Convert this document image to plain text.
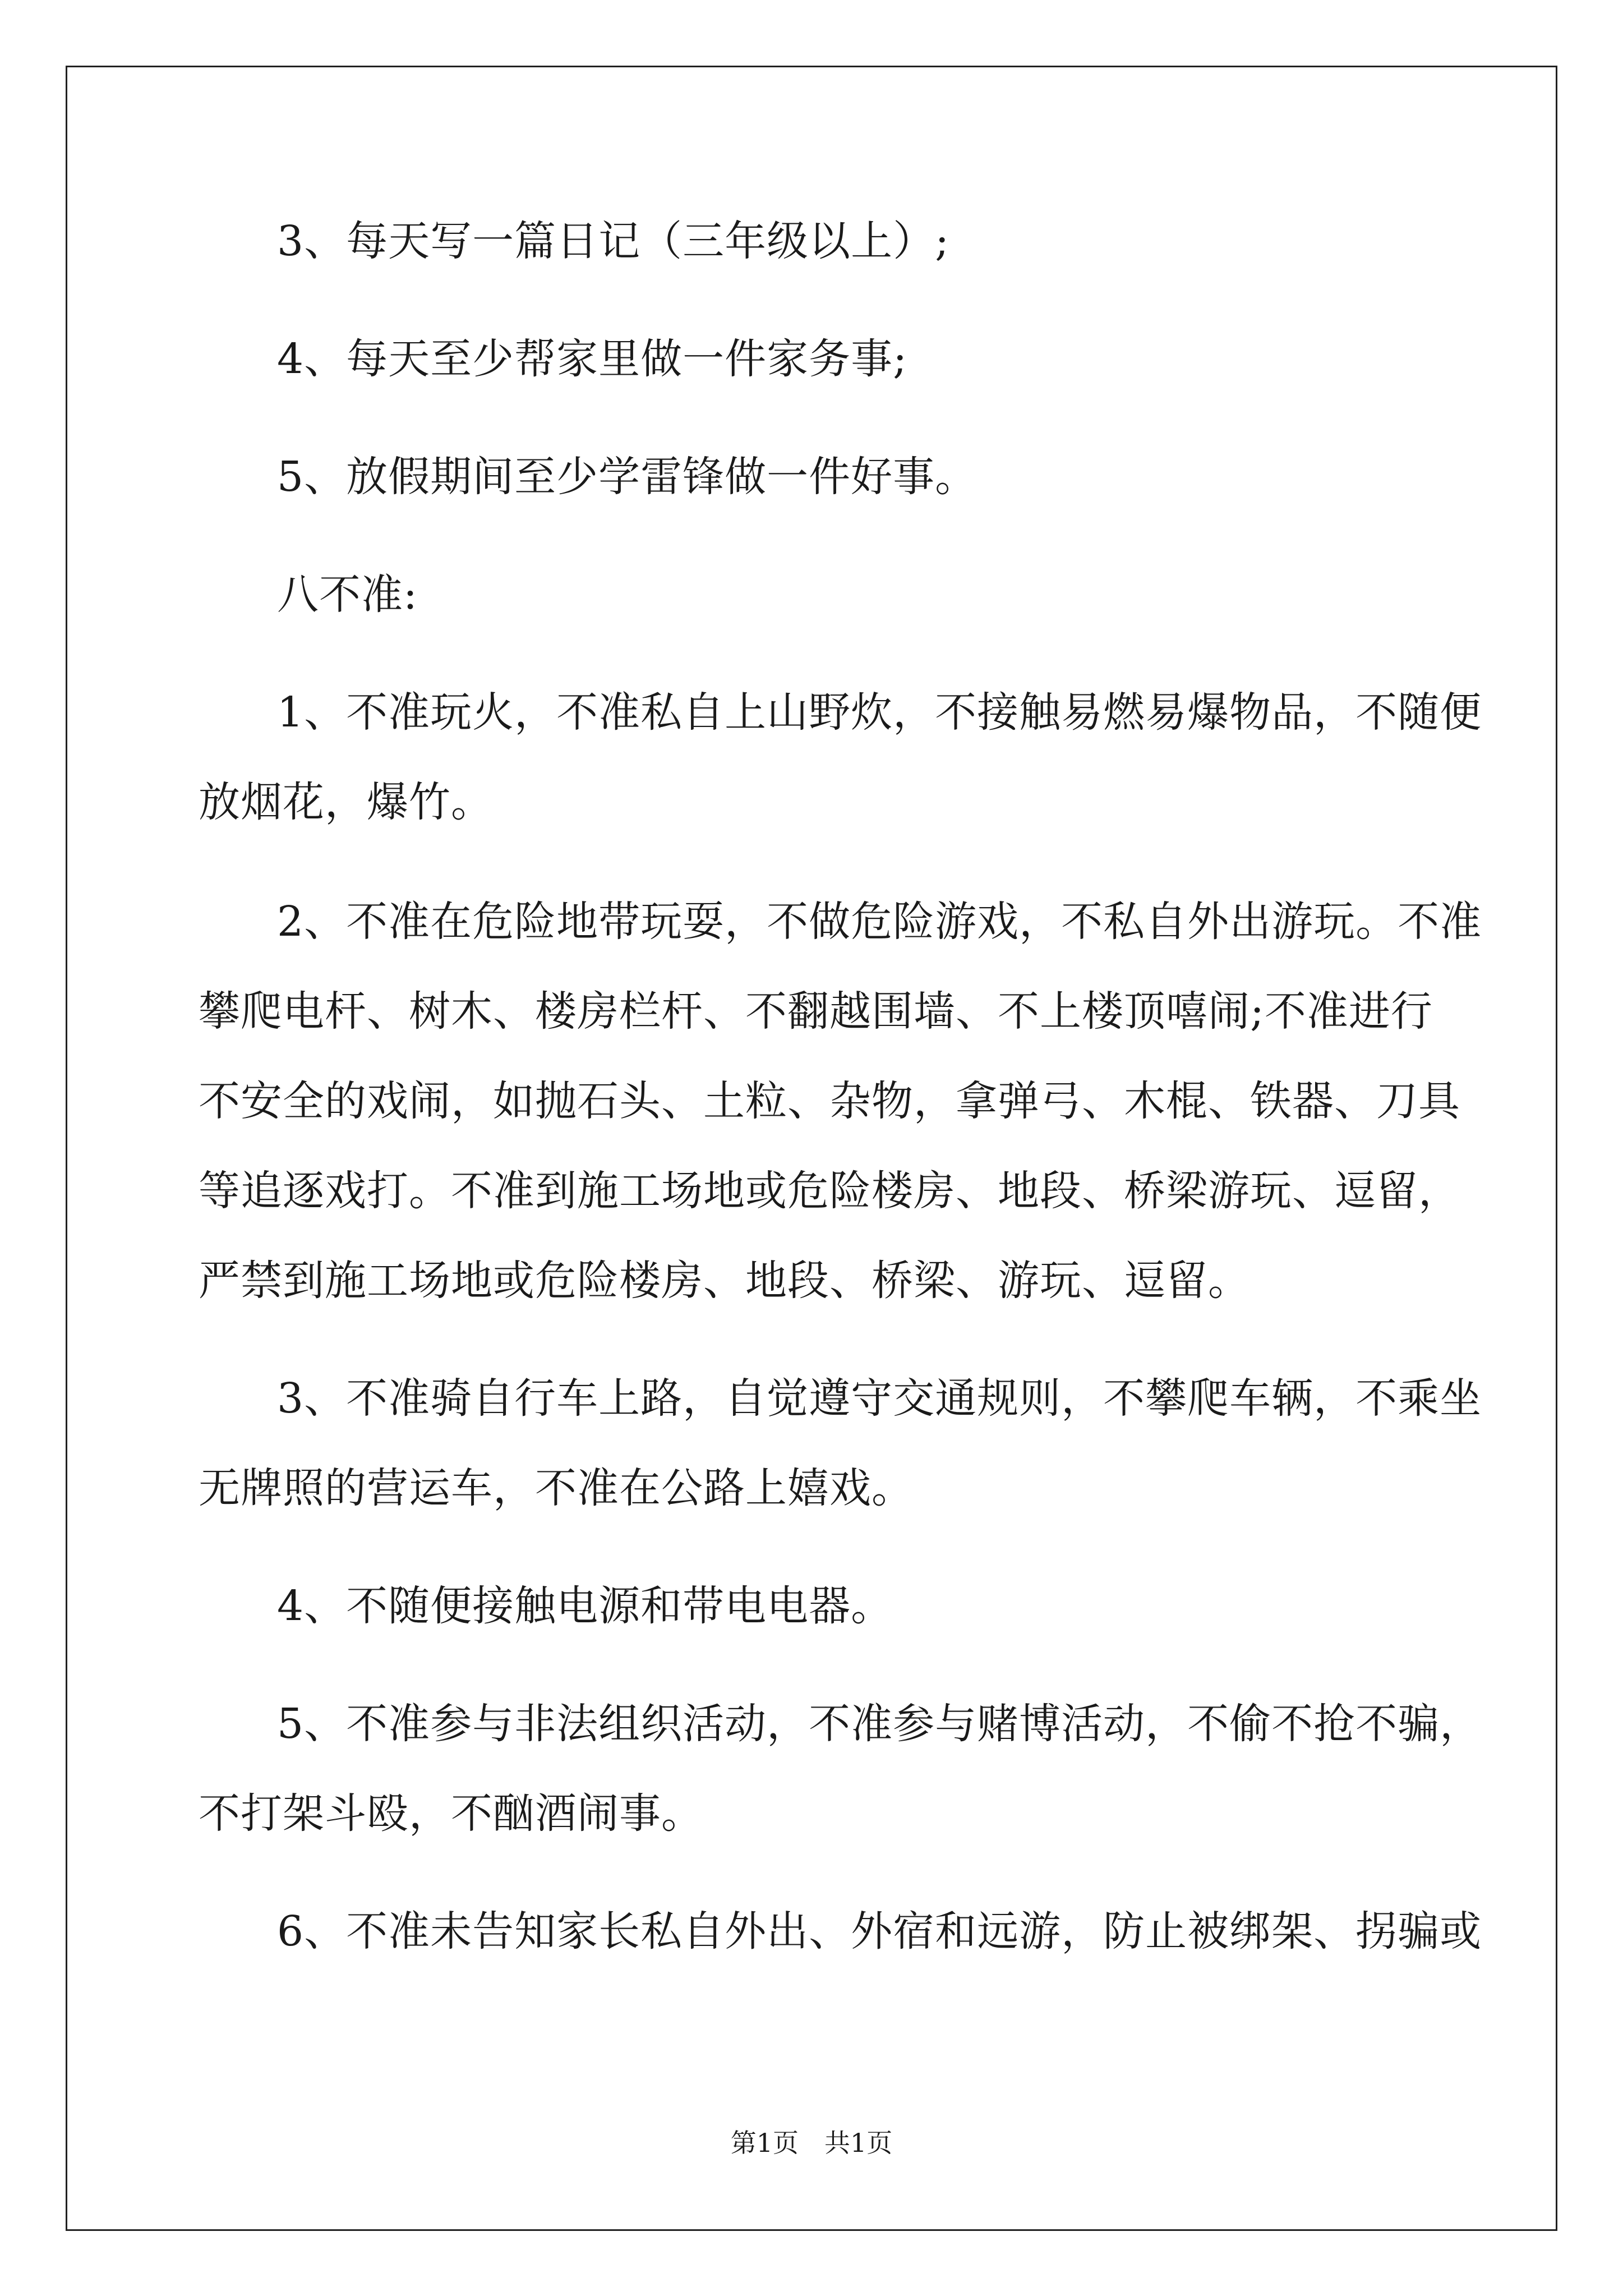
3、每天写一篇日记（三年级以上）;
4、每天至少帮家里做一件家务事;
5、放假期间至少学雷锋做一件好事。
八不准:
1、不准玩火，不准私自上山野炊，不接触易燃易爆物品，不随便
放烟花，爆竹。
2、不准在危险地带玩耍，不做危险游戏，不私自外出游玩。不准
攀爬电杆、树木、楼房栏杆、不翻越围墙、不上楼顶嘻闹;不准进行
不安全的戏闹，如抛石头、土粒、杂物，拿弹弓、木棍、铁器、刀具
等追逐戏打。不准到施工场地或危险楼房、地段、桥梁游玩、逗留，
严禁到施工场地或危险楼房、地段、桥梁、游玩、逗留。
3、不准骑自行车上路，自觉遵守交通规则，不攀爬车辆，不乘坐
无牌照的营运车，不准在公路上嬉戏。
4、不随便接触电源和带电电器。
5、不准参与非法组织活动，不准参与赌博活动，不偷不抢不骗，
不打架斗殴，不酗酒闹事。
6、不准未告知家长私自外出、外宿和远游，防止被绑架、拐骗或
第1页　共1页
